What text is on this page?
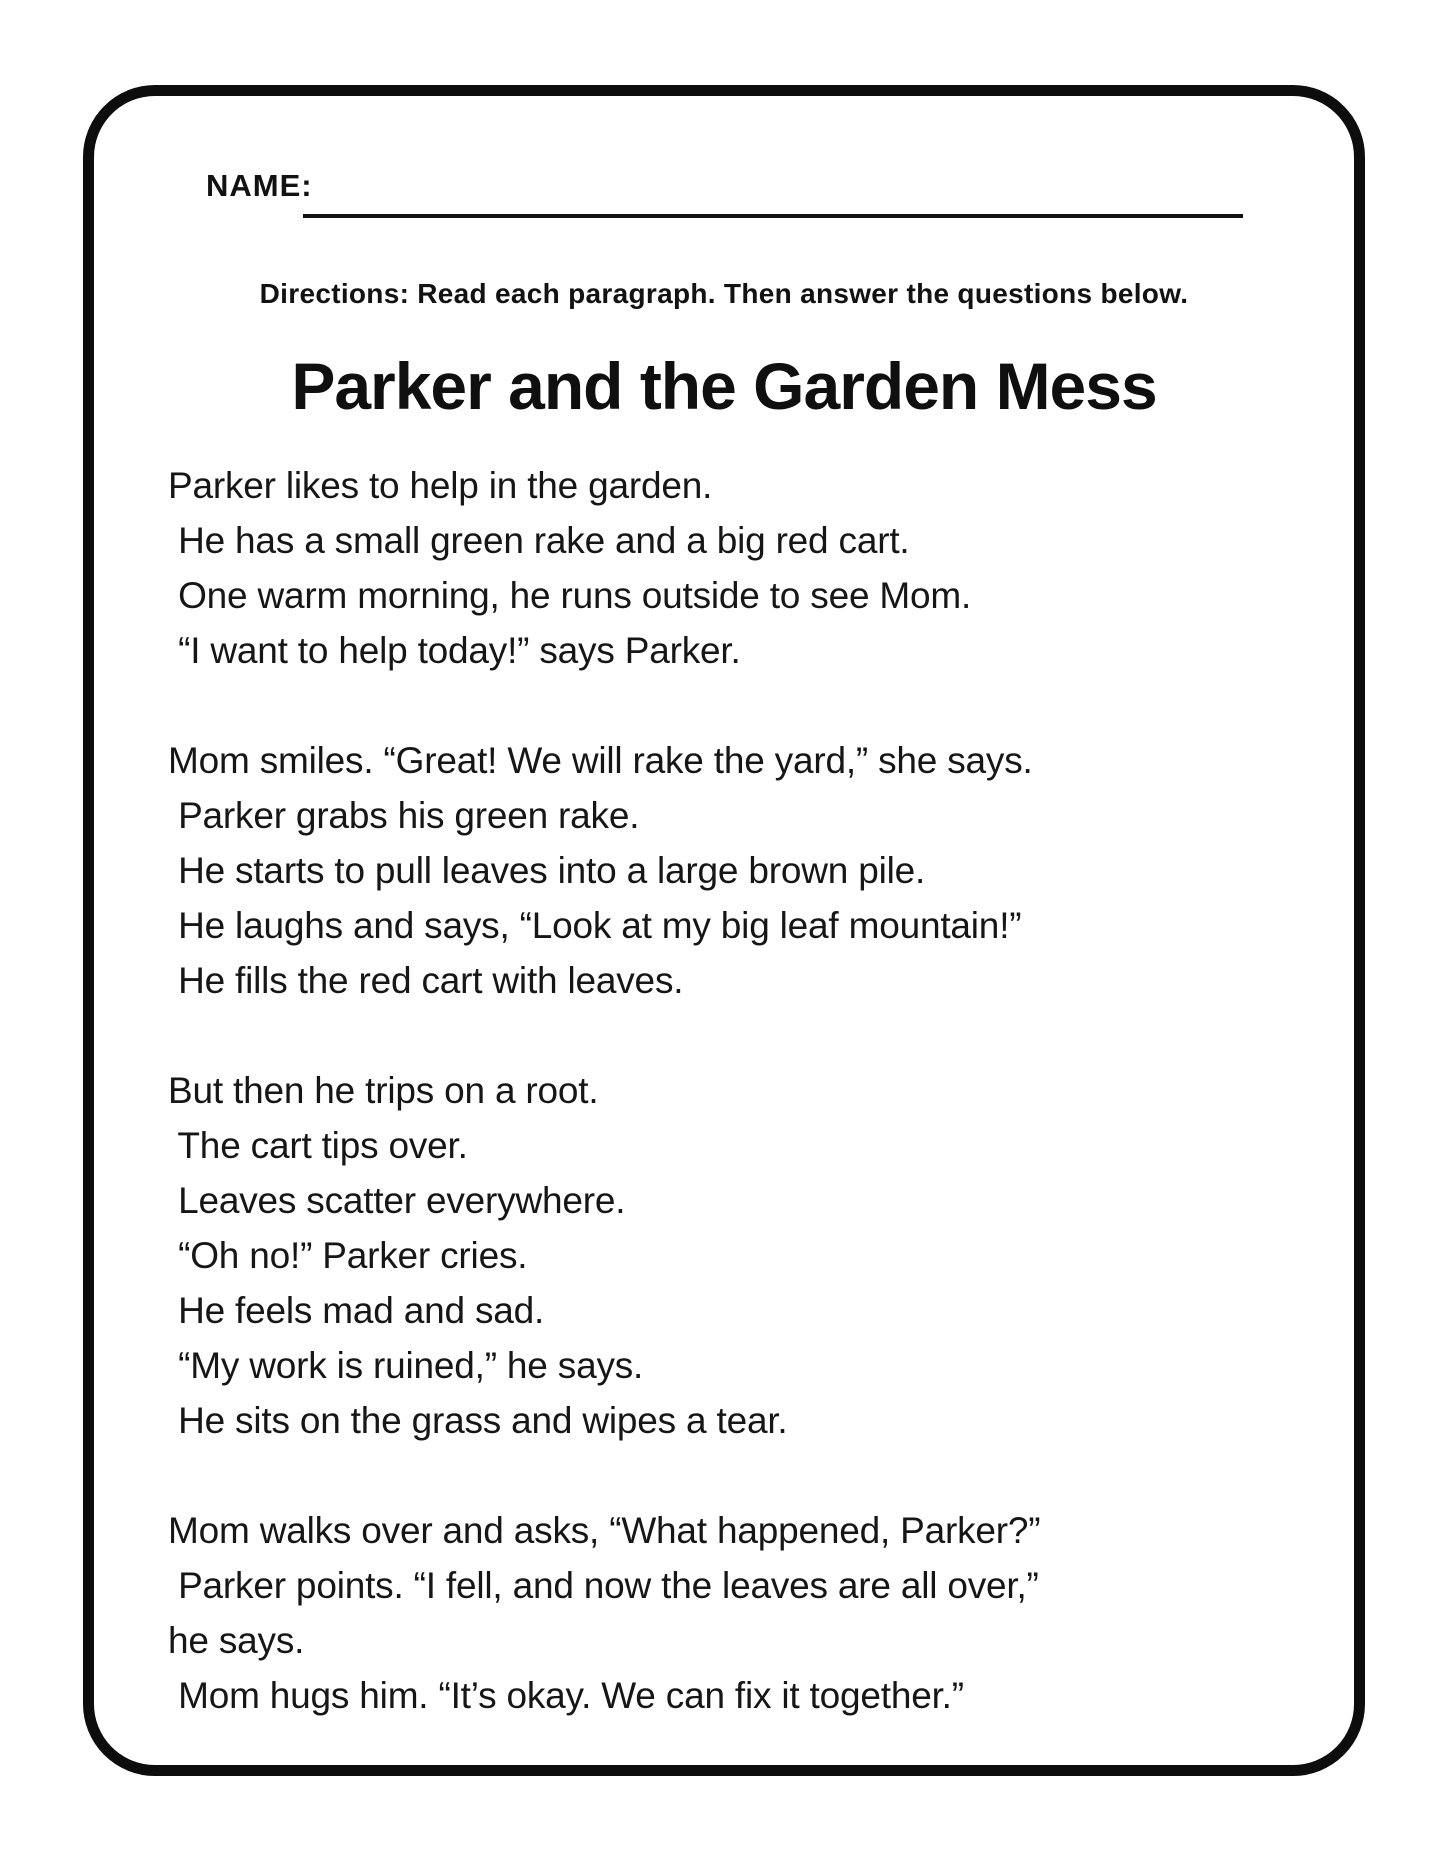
NAME:
Directions: Read each paragraph. Then answer the questions below.
Parker and the Garden Mess
Parker likes to help in the garden.
He has a small green rake and a big red cart.
One warm morning, he runs outside to see Mom.
“I want to help today!” says Parker.
Mom smiles. “Great! We will rake the yard,” she says.
Parker grabs his green rake.
He starts to pull leaves into a large brown pile.
He laughs and says, “Look at my big leaf mountain!”
He fills the red cart with leaves.
But then he trips on a root.
The cart tips over.
Leaves scatter everywhere.
“Oh no!” Parker cries.
He feels mad and sad.
“My work is ruined,” he says.
He sits on the grass and wipes a tear.
Mom walks over and asks, “What happened, Parker?”
Parker points. “I fell, and now the leaves are all over,”
he says.
Mom hugs him. “It’s okay. We can fix it together.”
